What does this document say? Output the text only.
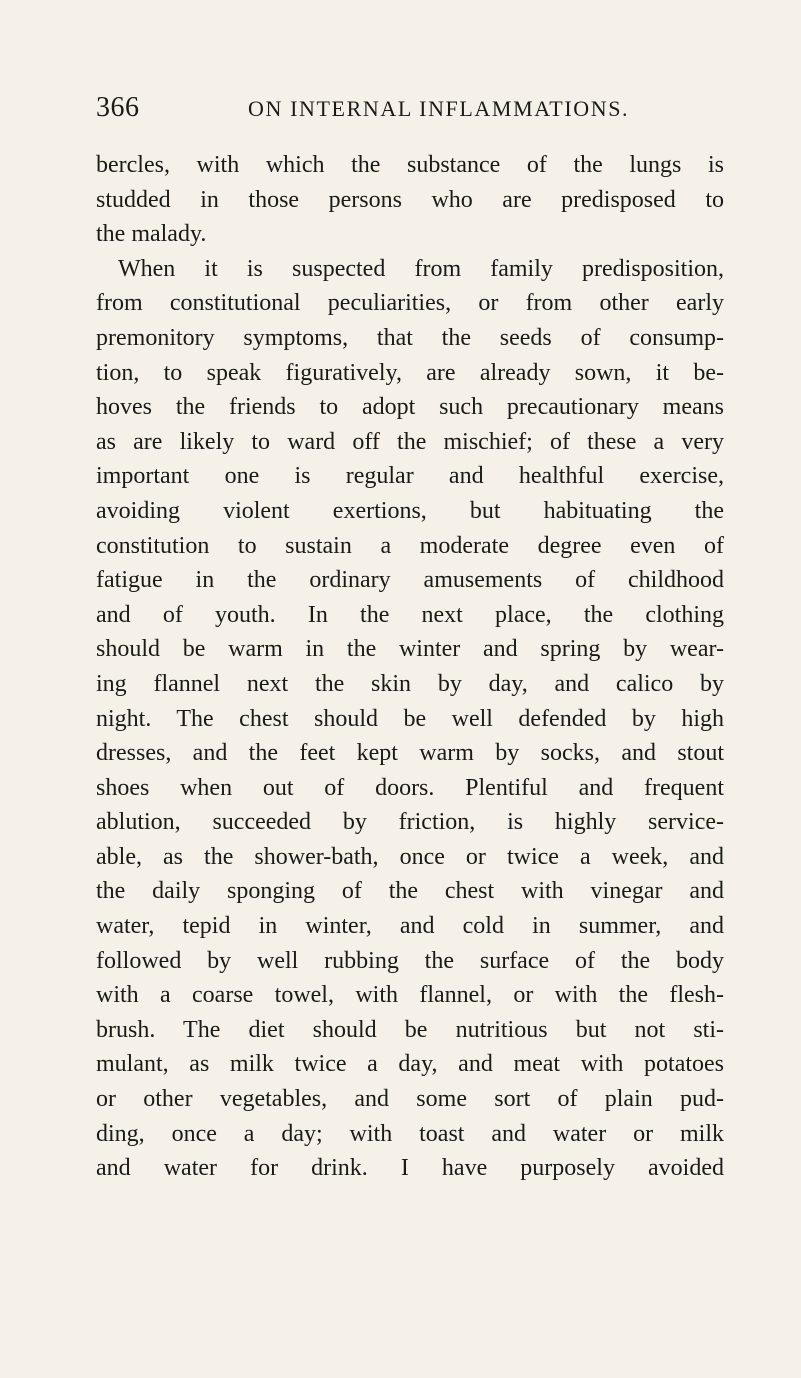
366	ON INTERNAL INFLAMMATIONS.
bercles, with which the substance of the lungs is
studded in those persons who are predisposed to
the malady.
When it is suspected from family predisposition,
from constitutional peculiarities, or from other early
premonitory symptoms, that the seeds of consump-
tion, to speak figuratively, are already sown, it be-
hoves the friends to adopt such precautionary means
as are likely to ward off the mischief; of these a very
important one is regular and healthful exercise,
avoiding violent exertions, but habituating the
constitution to sustain a moderate degree even of
fatigue in the ordinary amusements of childhood
and of youth. In the next place, the clothing
should be warm in the winter and spring by wear-
ing flannel next the skin by day, and calico by
night. The chest should be well defended by high
dresses, and the feet kept warm by socks, and stout
shoes when out of doors. Plentiful and frequent
ablution, succeeded by friction, is highly service-
able, as the shower-bath, once or twice a week, and
the daily sponging of the chest with vinegar and
water, tepid in winter, and cold in summer, and
followed by well rubbing the surface of the body
with a coarse towel, with flannel, or with the flesh-
brush. The diet should be nutritious but not sti-
mulant, as milk twice a day, and meat with potatoes
or other vegetables, and some sort of plain pud-
ding, once a day; with toast and water or milk
and water for drink. I have purposely avoided
